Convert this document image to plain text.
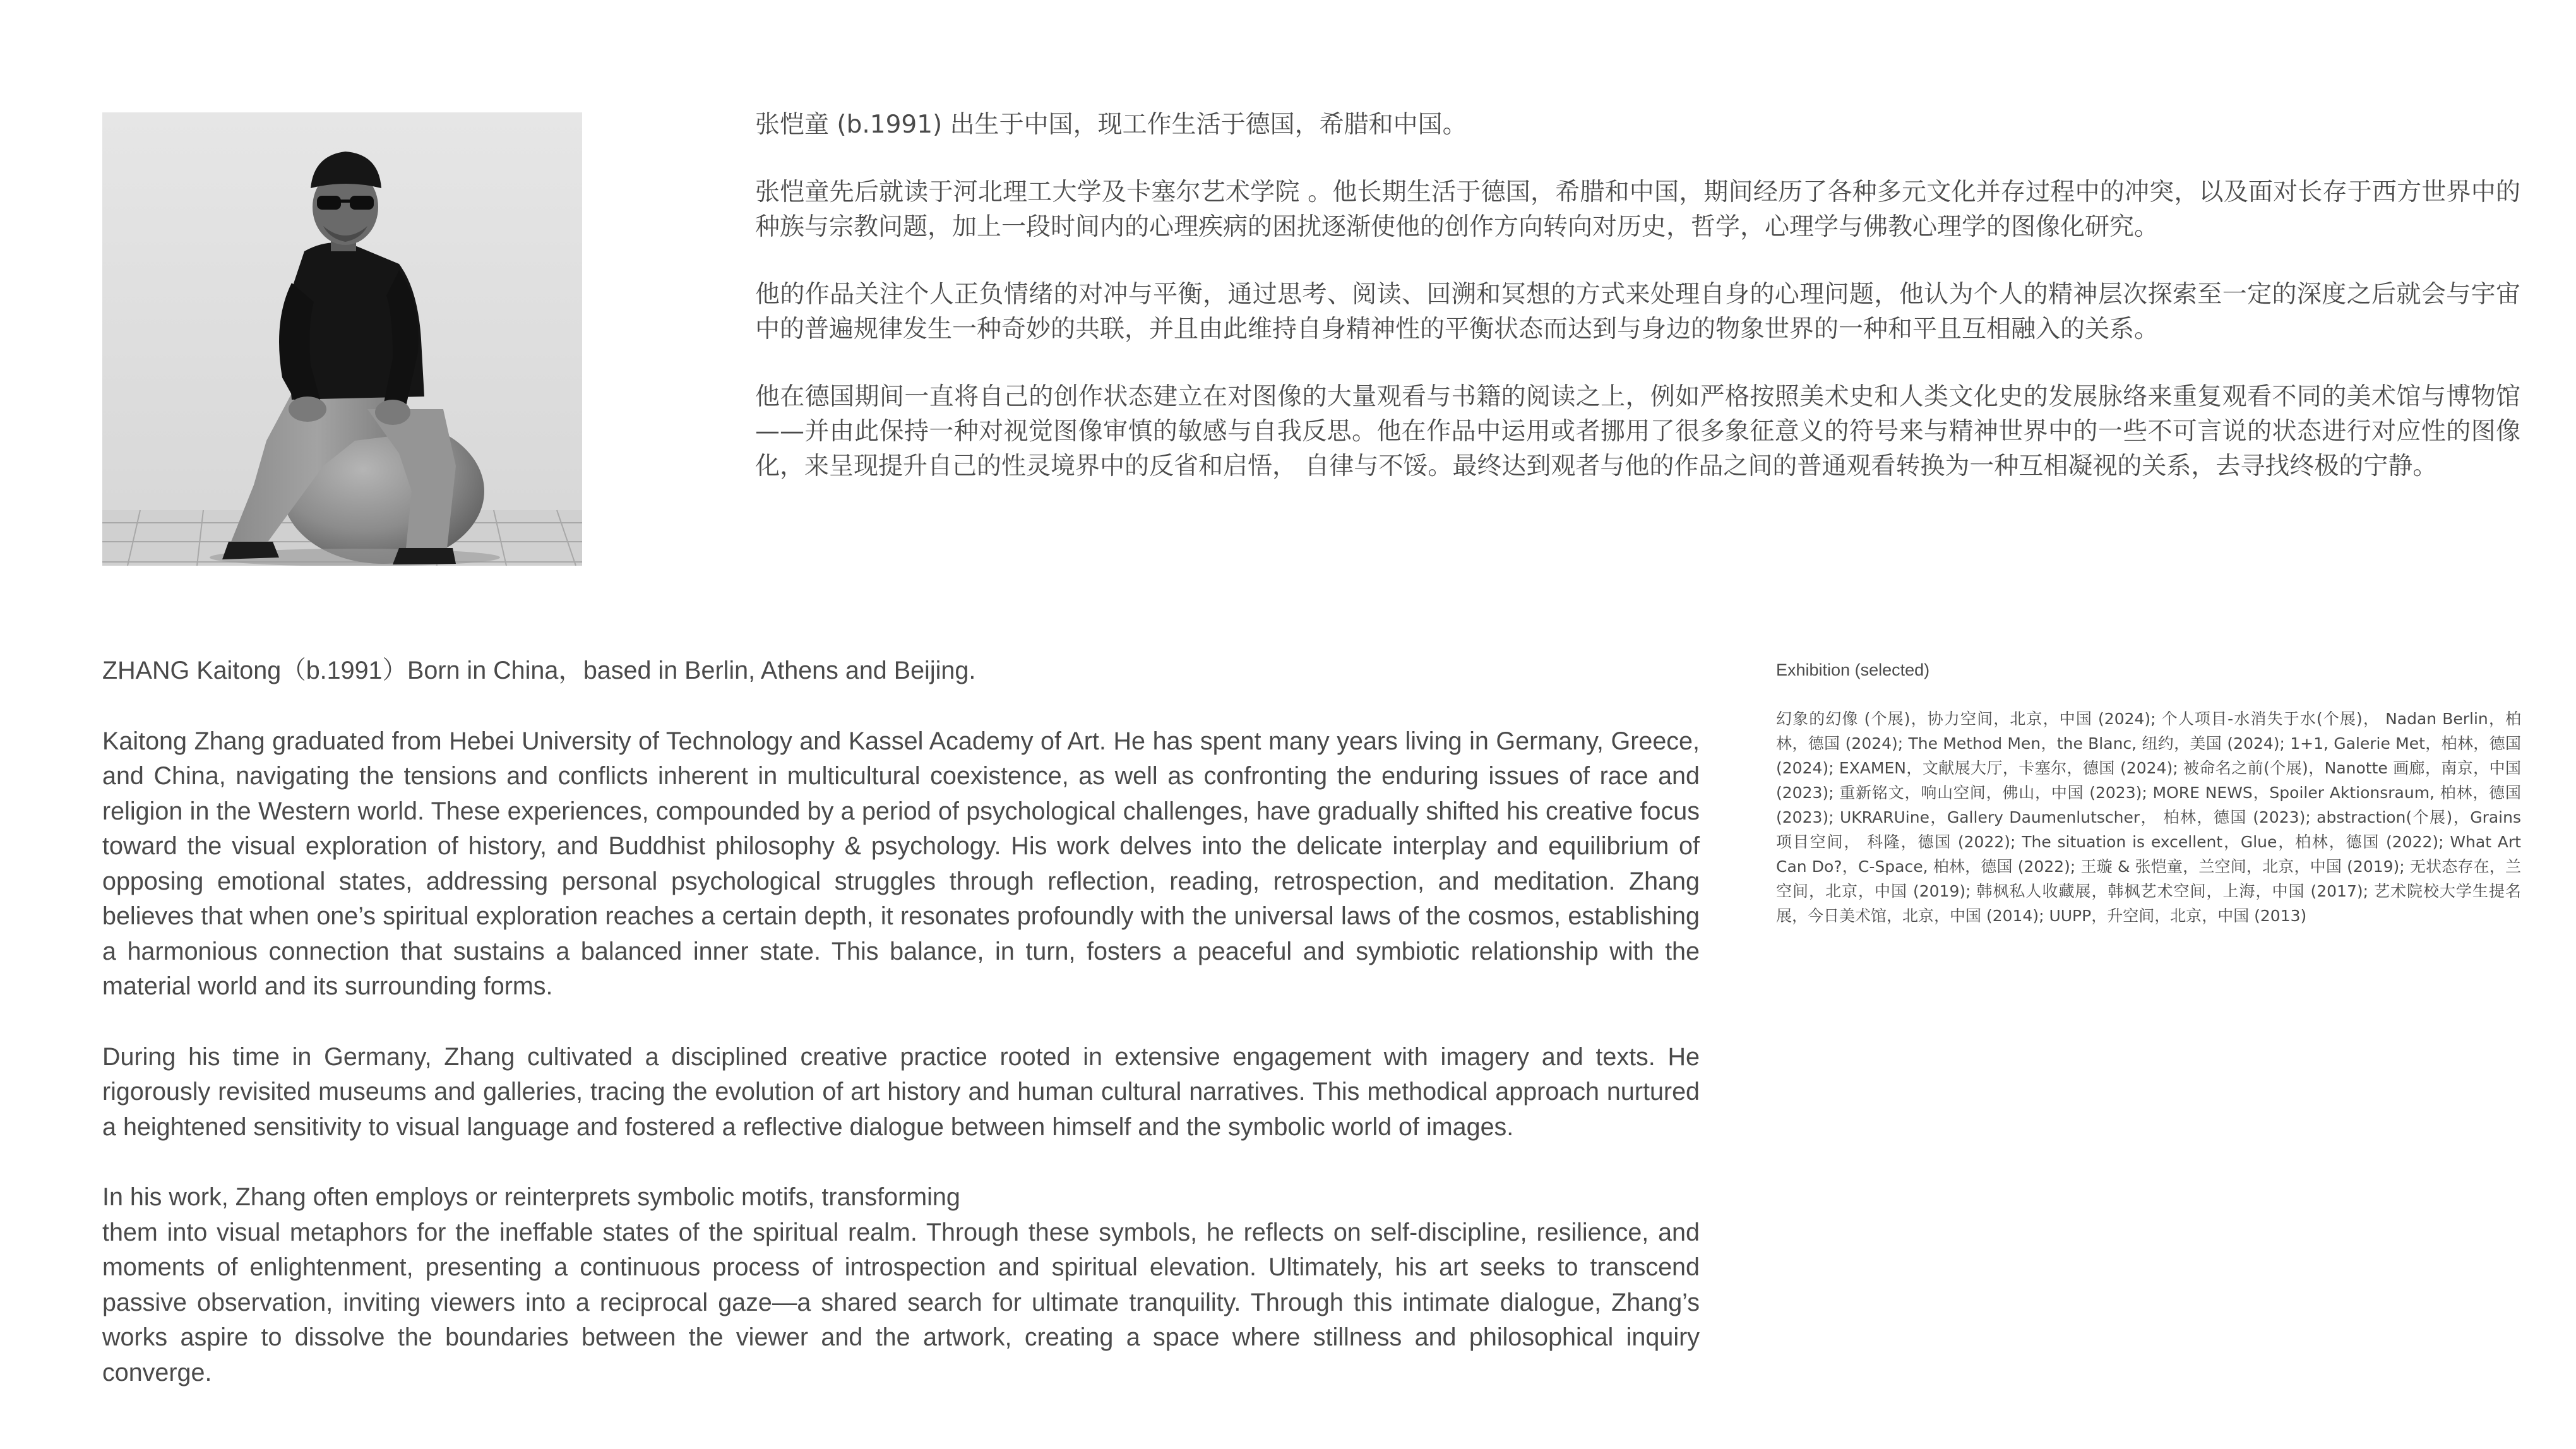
张恺童 (b.1991) 出生于中国，现工作生活于德国，希腊和中国。

张恺童先后就读于河北理工大学及卡塞尔艺术学院 。他长期生活于德国，希腊和中国，期间经历了各种多元文化并存过程中的冲突，以及面对长存于西方世界中的种族与宗教问题，加上一段时间内的心理疾病的困扰逐渐使他的创作方向转向对历史，哲学，心理学与佛教心理学的图像化研究。

他的作品关注个人正负情绪的对冲与平衡，通过思考、阅读、回溯和冥想的方式来处理自身的心理问题，他认为个人的精神层次探索至一定的深度之后就会与宇宙中的普遍规律发生一种奇妙的共联，并且由此维持自身精神性的平衡状态而达到与身边的物象世界的一种和平且互相融入的关系。

他在德国期间一直将自己的创作状态建立在对图像的大量观看与书籍的阅读之上，例如严格按照美术史和人类文化史的发展脉络来重复观看不同的美术馆与博物馆——并由此保持一种对视觉图像审慎的敏感与自我反思。他在作品中运用或者挪用了很多象征意义的符号来与精神世界中的一些不可言说的状态进行对应性的图像化，来呈现提升自己的性灵境界中的反省和启悟， 自律与不馁。最终达到观者与他的作品之间的普通观看转换为一种互相凝视的关系，去寻找终极的宁静。

ZHANG Kaitong（b.1991）Born in China，based in Berlin, Athens and Beijing.

Kaitong Zhang graduated from Hebei University of Technology and Kassel Academy of Art. He has spent many years living in Germany, Greece, and China, navigating the tensions and conflicts inherent in multicultural coexistence, as well as confronting the enduring issues of race and religion in the Western world. These experiences, compounded by a period of psychological challenges, have gradually shifted his creative focus toward the visual exploration of history, and Buddhist philosophy & psychology. His work delves into the delicate interplay and equilibrium of opposing emotional states, addressing personal psychological struggles through reflection, reading, retrospection, and meditation. Zhang believes that when one’s spiritual exploration reaches a certain depth, it resonates profoundly with the universal laws of the cosmos, establishing a harmonious connection that sustains a balanced inner state. This balance, in turn, fosters a peaceful and symbiotic relationship with the material world and its surrounding forms.

During his time in Germany, Zhang cultivated a disciplined creative practice rooted in extensive engagement with imagery and texts. He rigorously revisited museums and galleries, tracing the evolution of art history and human cultural narratives. This methodical approach nurtured a heightened sensitivity to visual language and fostered a reflective dialogue between himself and the symbolic world of images.

In his work, Zhang often employs or reinterprets symbolic motifs, transforming

them into visual metaphors for the ineffable states of the spiritual realm. Through these symbols, he reflects on self-discipline, resilience, and moments of enlightenment, presenting a continuous process of introspection and spiritual elevation. Ultimately, his art seeks to transcend passive observation, inviting viewers into a reciprocal gaze—a shared search for ultimate tranquility. Through this intimate dialogue, Zhang’s works aspire to dissolve the boundaries between the viewer and the artwork, creating a space where stillness and philosophical inquiry converge.

Exhibition (selected)

幻象的幻像 (个展)，协力空间，北京，中国 (2024); 个人项目-水消失于水(个展)， Nadan Berlin，柏林，德国 (2024); The Method Men，the Blanc, 纽约，美国 (2024); 1+1, Galerie Met，柏林，德国 (2024); EXAMEN，文献展大厅，卡塞尔，德国 (2024); 被命名之前(个展)，Nanotte 画廊，南京，中国 (2023); 重新铭文，响山空间，佛山，中国 (2023); MORE NEWS，Spoiler Aktionsraum, 柏林，德国 (2023); UKRARUine，Gallery Daumenlutscher， 柏林，德国 (2023); abstraction(个展)，Grains 项目空间， 科隆，德国 (2022); The situation is excellent，Glue，柏林，德国 (2022); What Art Can Do?，C-Space, 柏林，德国 (2022); 王璇 & 张恺童，兰空间，北京，中国 (2019); 无状态存在，兰空间，北京，中国 (2019); 韩枫私人收藏展，韩枫艺术空间，上海，中国 (2017); 艺术院校大学生提名展，今日美术馆，北京，中国 (2014); UUPP，升空间，北京，中国 (2013)
